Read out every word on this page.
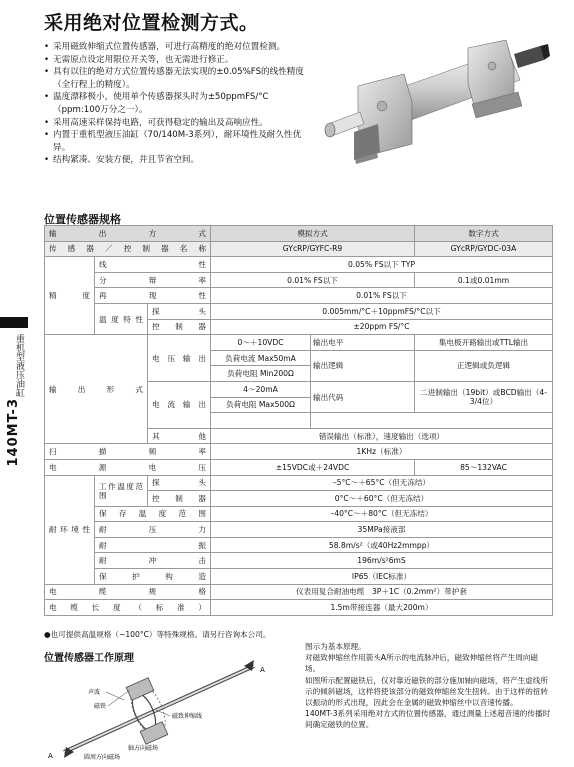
采用绝对位置检测方式。
• 采用磁致伸缩式位置传感器，可进行高精度的绝对位置检测。
• 无需原点设定用限位开关等，也无需进行修正。
• 具有以往的绝对方式位置传感器无法实现的±0.05%FS的线性精度（全行程上的精度）。
• 温度漂移极小，使用单个传感器探头时为±50ppmFS/°C（ppm:100万分之一）。
• 采用高速采样保持电路，可获得稳定的输出及高响应性。
• 内置于重机型液压油缸（70/140M-3系列），耐环境性及耐久性优异。
• 结构紧凑、安装方便，并且节省空间。
位置传感器规格
重机型液压油缸
140MT-3
输出方式			模拟方式		数字方式
传感器／控制器名称			GYcRP/GYFC-R9		GYcRP/GYDC-03A
精度	线性		0.05% FS以下 TYP		
	分辩率		0.01% FS以下		0.1或0.01mm
	再现性		0.01% FS以下		
	温度特性	探头	0.005mm/°C＋10ppmFS/°C以下		
		控制器	±20ppm FS/°C		
输出形式		电压输出	0～＋10VDC	输出电平	集电极开路输出或TTL输出
			负荷电流 Max50mA	输出逻辑	正逻辑或负逻辑
			负荷电阻 Min200Ω		
		电流输出	4～20mA	输出代码	二进制输出（19bit）或BCD输出（4-3/4位）
			负荷电阻 Max500Ω		

		其他	错误输出（标准），速度输出（选项）		
扫描频率			1KHz（标准）		
电源电压			±15VDC或＋24VDC		85～132VAC
耐环境性	工作温度范围	探头	–5°C～＋65°C（但无冻结）		
		控制器	0°C～＋60°C（但无冻结）		
	保存温度范围		–40°C～＋80°C（但无冻结）		
	耐压力		35MPa接液部		
	耐振		58.8m/s²（或40Hz2mmpp）		
	耐冲击		196m/s²6mS		
	保护构造		IP65（IEC标准）		
电缆规格			仪表用复合耐油电缆　3P＋1C（0.2mm²）带护套		
电缆长度（标准）			1.5m带接连器（最大200m）		
●也可提供高温规格（~100°C）等特殊规格。请另行咨询本公司。
位置传感器工作原理
A
A
声波
磁铁
磁致伸缩线
轴方向磁场
圆周方向磁场

图示为基本原理。

对磁致伸缩丝作用箭头A所示的电流脉冲后，磁致伸缩丝将产生周向磁场。

如图所示配置磁铁后，仅对靠近磁铁的部分施加轴向磁场，将产生虚线所示的倾斜磁场，这样将使该部分的磁致伸缩丝发生扭转。由于这样的扭转以振动的形式出现，因此会在金属的磁致伸缩丝中以音速传播。

140MT-3系列采用绝对方式的位置传感器，通过测量上述超音速的传播时间确定磁铁的位置。
